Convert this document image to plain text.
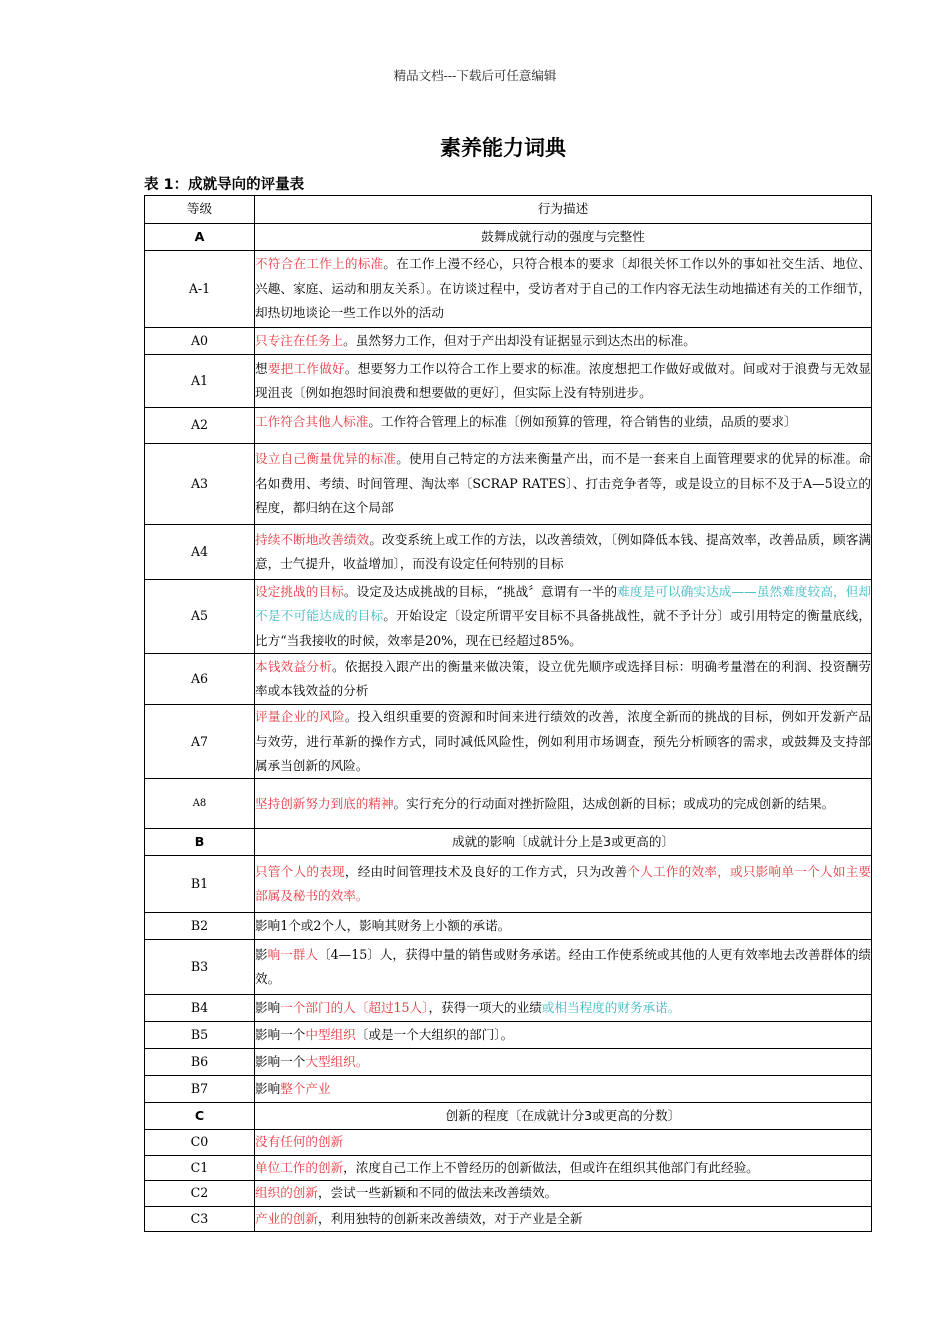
精品文档---下载后可任意编辑
素养能力词典
表 1：成就导向的评量表
等级	行为描述
A	鼓舞成就行动的强度与完整性
A-1	不符合在工作上的标准。在工作上漫不经心，只符合根本的要求〔却很关怀工作以外的事如社交生活、地位、兴趣、家庭、运动和朋友关系〕。在访谈过程中，受访者对于自己的工作内容无法生动地描述有关的工作细节，却热切地谈论一些工作以外的活动

A0	只专注在任务上。虽然努力工作，但对于产出却没有证据显示到达杰出的标准。

A1	想要把工作做好。想要努力工作以符合工作上要求的标准。浓度想把工作做好或做对。间或对于浪费与无效显现沮丧〔例如抱怨时间浪费和想要做的更好〕，但实际上没有特别进步。

A2	工作符合其他人标准。工作符合管理上的标准〔例如预算的管理，符合销售的业绩，品质的要求〕

A3	设立自己衡量优异的标准。使用自己特定的方法来衡量产出，而不是一套来自上面管理要求的优异的标准。命名如费用、考绩、时间管理、淘汰率〔SCRAP RATES〕、打击竞争者等，或是设立的目标不及于A—5设立的程度，都归纳在这个局部

A4	持续不断地改善绩效。改变系统上或工作的方法，以改善绩效，〔例如降低本钱、提高效率，改善品质，顾客满意，士气提升，收益增加〕，而没有设定任何特别的目标

A5	设定挑战的目标。设定及达成挑战的目标，“挑战〞意谓有一半的难度是可以确实达成——虽然难度较高，但却不是不可能达成的目标。开始设定〔设定所谓平安目标不具备挑战性，就不予计分〕或引用特定的衡量底线，比方“当我接收的时候，效率是20%，现在已经超过85%。

A6	本钱效益分析。依据投入跟产出的衡量来做决策，设立优先顺序或选择目标：明确考量潜在的利润、投资酬劳率或本钱效益的分析

A7	评量企业的风险。投入组织重要的资源和时间来进行绩效的改善，浓度全新而的挑战的目标，例如开发新产品与效劳，进行革新的操作方式，同时减低风险性，例如利用市场调查，预先分析顾客的需求，或鼓舞及支持部属承当创新的风险。

A8	坚持创新努力到底的精神。实行充分的行动面对挫折险阻，达成创新的目标；或成功的完成创新的结果。

B	成就的影响〔成就计分上是3或更高的〕
B1	只管个人的表现，经由时间管理技术及良好的工作方式，只为改善个人工作的效率，或只影响单一个人如主要部属及秘书的效率。

B2	影响1个或2个人，影响其财务上小额的承诺。

B3	影响一群人〔4—15〕人，获得中量的销售或财务承诺。经由工作使系统或其他的人更有效率地去改善群体的绩效。

B4	影响一个部门的人〔超过15人〕，获得一项大的业绩或相当程度的财务承诺。

B5	影响一个中型组织〔或是一个大组织的部门〕。

B6	影响一个大型组织。

B7	影响整个产业

C	创新的程度〔在成就计分3或更高的分数〕
C0	没有任何的创新

C1	单位工作的创新，浓度自己工作上不曾经历的创新做法，但或许在组织其他部门有此经验。

C2	组织的创新，尝试一些新颖和不同的做法来改善绩效。

C3	产业的创新，利用独特的创新来改善绩效，对于产业是全新
